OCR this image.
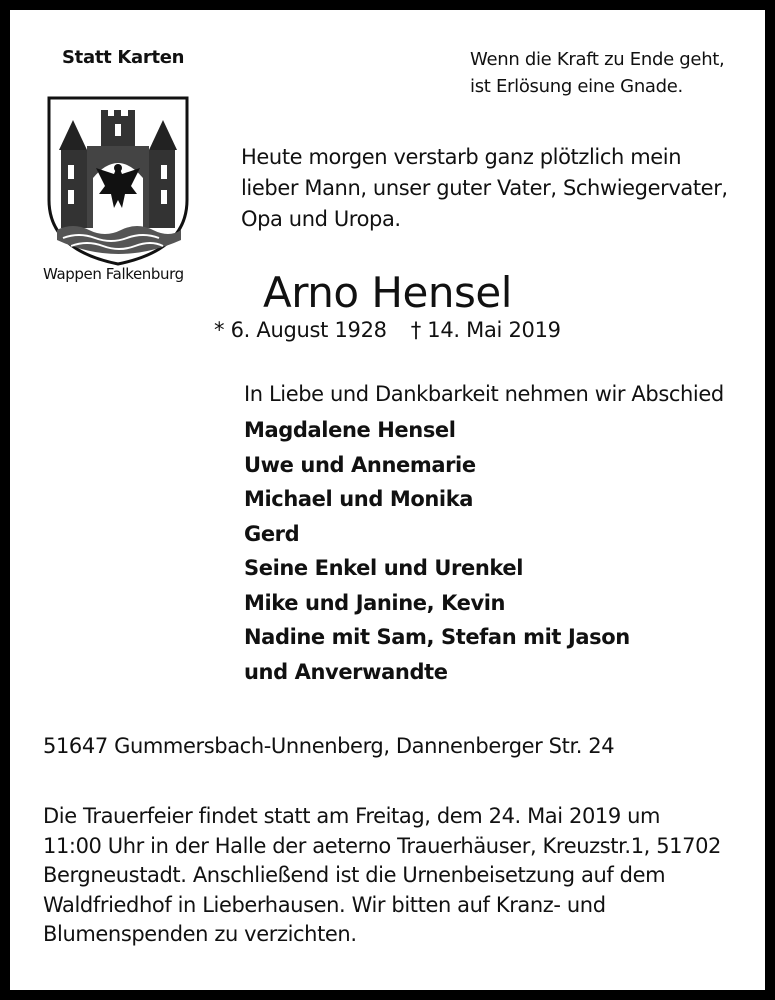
Statt Karten	Wenn die Kraft zu Ende geht,
ist Erlösung eine Gnade.
Wappen Falkenburg
Heute morgen verstarb ganz plötzlich mein
lieber Mann, unser guter Vater, Schwiegervater,
Opa und Uropa.
Arno Hensel
* 6. August 1928 † 14. Mai 2019
In Liebe und Dankbarkeit nehmen wir Abschied
Magdalene Hensel
Uwe und Annemarie
Michael und Monika
Gerd
Seine Enkel und Urenkel
Mike und Janine, Kevin
Nadine mit Sam, Stefan mit Jason
und Anverwandte
51647 Gummersbach-Unnenberg, Dannenberger Str. 24
Die Trauerfeier findet statt am Freitag, dem 24. Mai 2019 um
11:00 Uhr in der Halle der aeterno Trauerhäuser, Kreuzstr.1, 51702
Bergneustadt. Anschließend ist die Urnenbeisetzung auf dem
Waldfriedhof in Lieberhausen. Wir bitten auf Kranz- und
Blumenspenden zu verzichten.
